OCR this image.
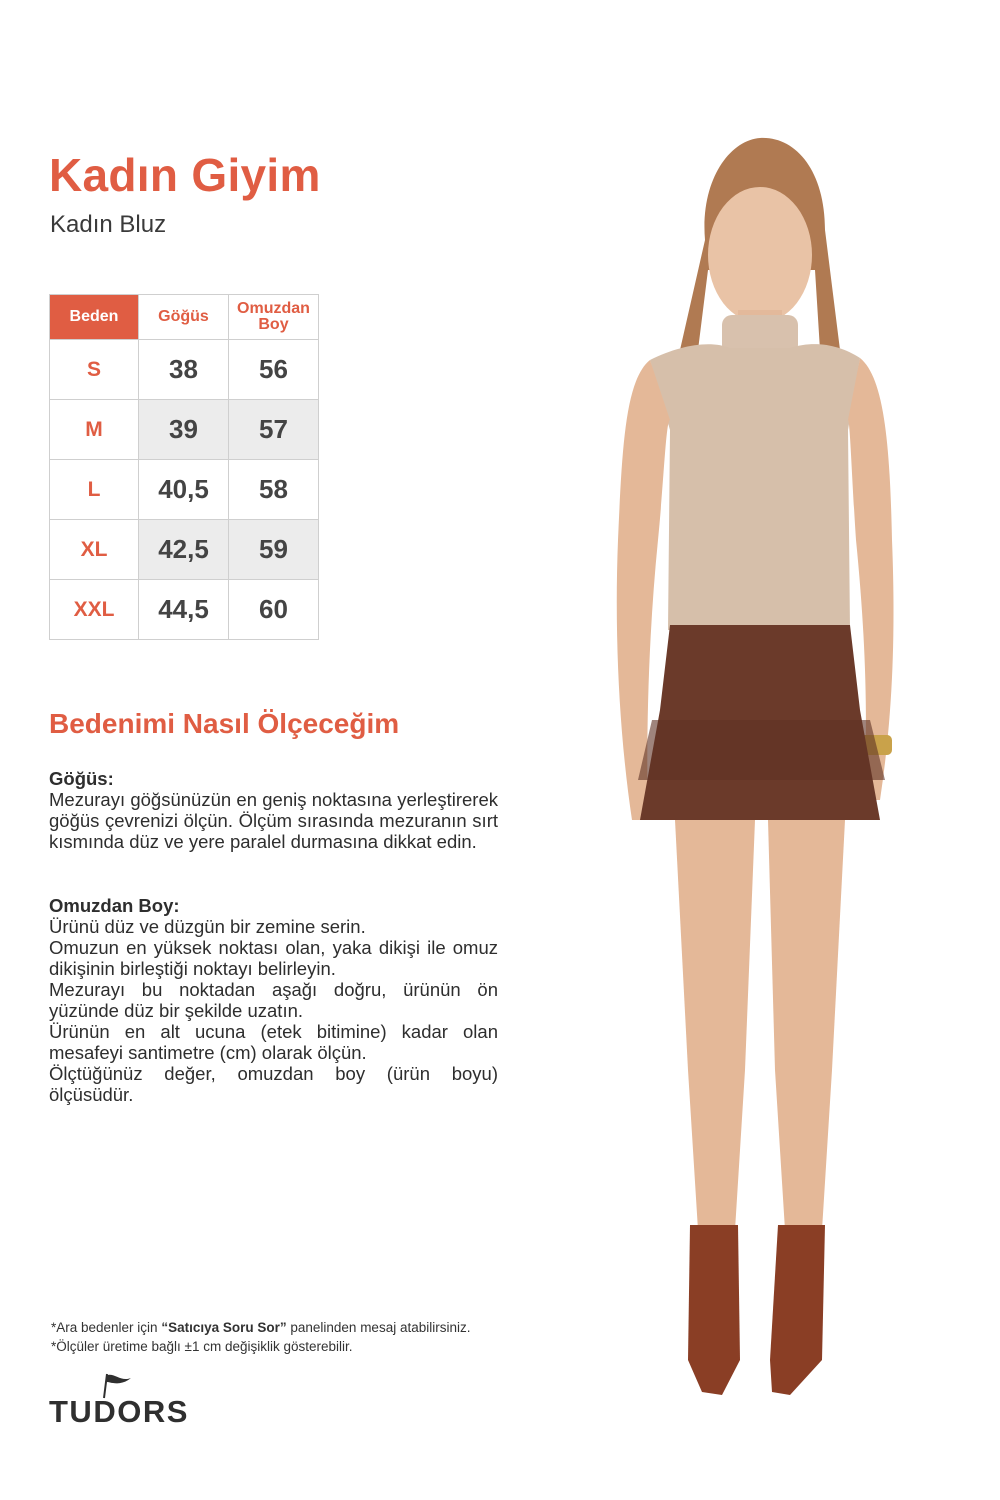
Kadın Giyim
Kadın Bluz
Beden	Göğüs	Omuzdan Boy

S	38	56
M	39	57
L	40,5	58
XL	42,5	59
XXL	44,5	60
Bedenimi Nasıl Ölçeceğim
Göğüs:

Mezurayı göğsünüzün en geniş noktasına yerleştirerek göğüs çevrenizi ölçün. Ölçüm sırasında mezuranın sırt kısmında düz ve yere paralel durmasına dikkat edin.

Omuzdan Boy:

Ürünü düz ve düzgün bir zemine serin.

Omuzun en yüksek noktası olan, yaka dikişi ile omuz dikişinin birleştiği noktayı belirleyin.

Mezurayı bu noktadan aşağı doğru, ürünün ön yüzünde düz bir şekilde uzatın.

Ürünün en alt ucuna (etek bitimine) kadar olan mesafeyi santimetre (cm) olarak ölçün.

Ölçtüğünüz değer, omuzdan boy (ürün boyu) ölçüsüdür.

*Ara bedenler için “Satıcıya Soru Sor” panelinden mesaj atabilirsiniz.
*Ölçüler üretime bağlı ±1 cm değişiklik gösterebilir.
TUDORS
